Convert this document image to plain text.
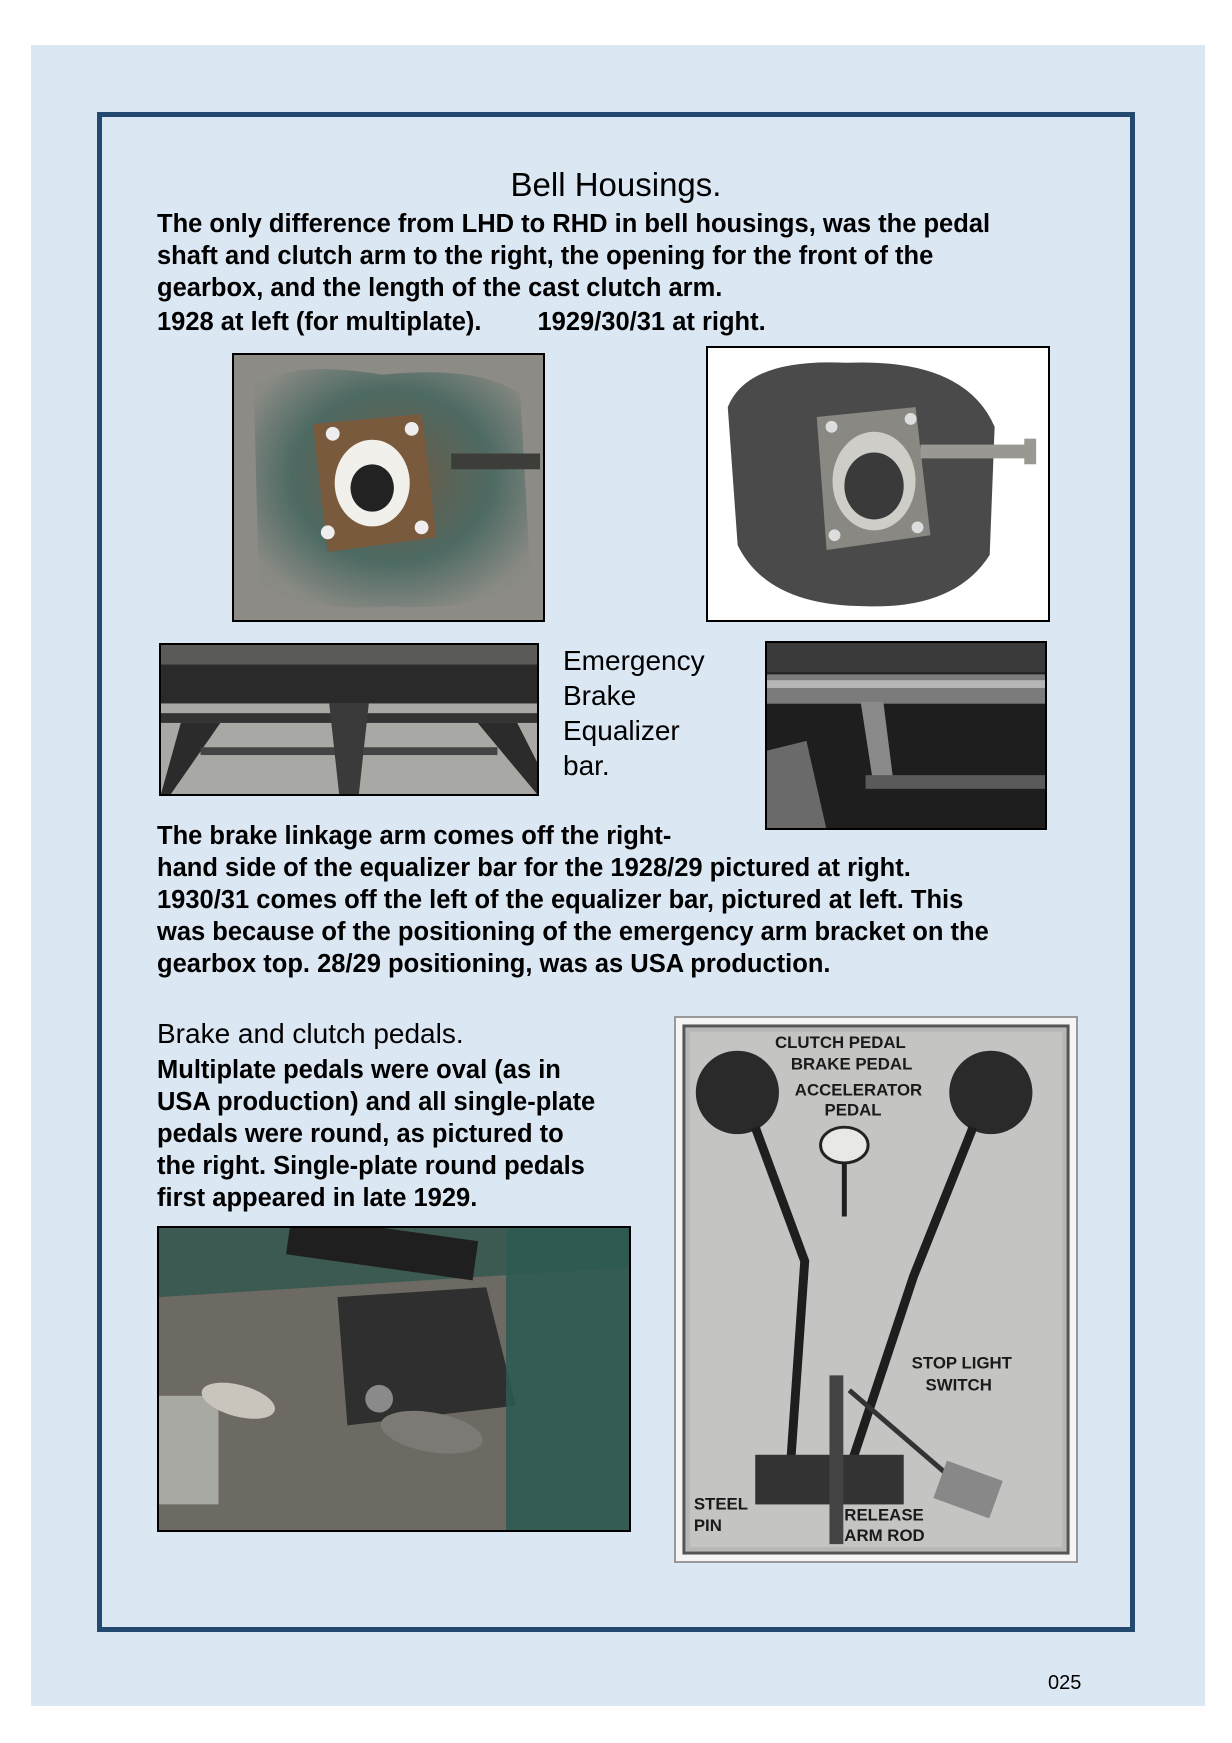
Bell Housings.
The only difference from LHD to RHD in bell housings, was the pedal
shaft and clutch arm to the right, the opening for the front of the
gearbox, and the length of the cast clutch arm.
1928 at left (for multiplate). 1929/30/31 at right.
Emergency
Brake
Equalizer
bar.
The brake linkage arm comes off the right-
hand side of the equalizer bar for the 1928/29 pictured at right.
1930/31 comes off the left of the equalizer bar, pictured at left. This
was because of the positioning of the emergency arm bracket on the
gearbox top. 28/29 positioning, was as USA production.
Brake and clutch pedals.
Multiplate pedals were oval (as in
USA production) and all single-plate
pedals were round, as pictured to
the right. Single-plate round pedals
first appeared in late 1929.
CLUTCH PEDAL
BRAKE PEDAL
ACCELERATOR
PEDAL
STOP LIGHT
SWITCH
STEEL
PIN
RELEASE
ARM ROD
025
